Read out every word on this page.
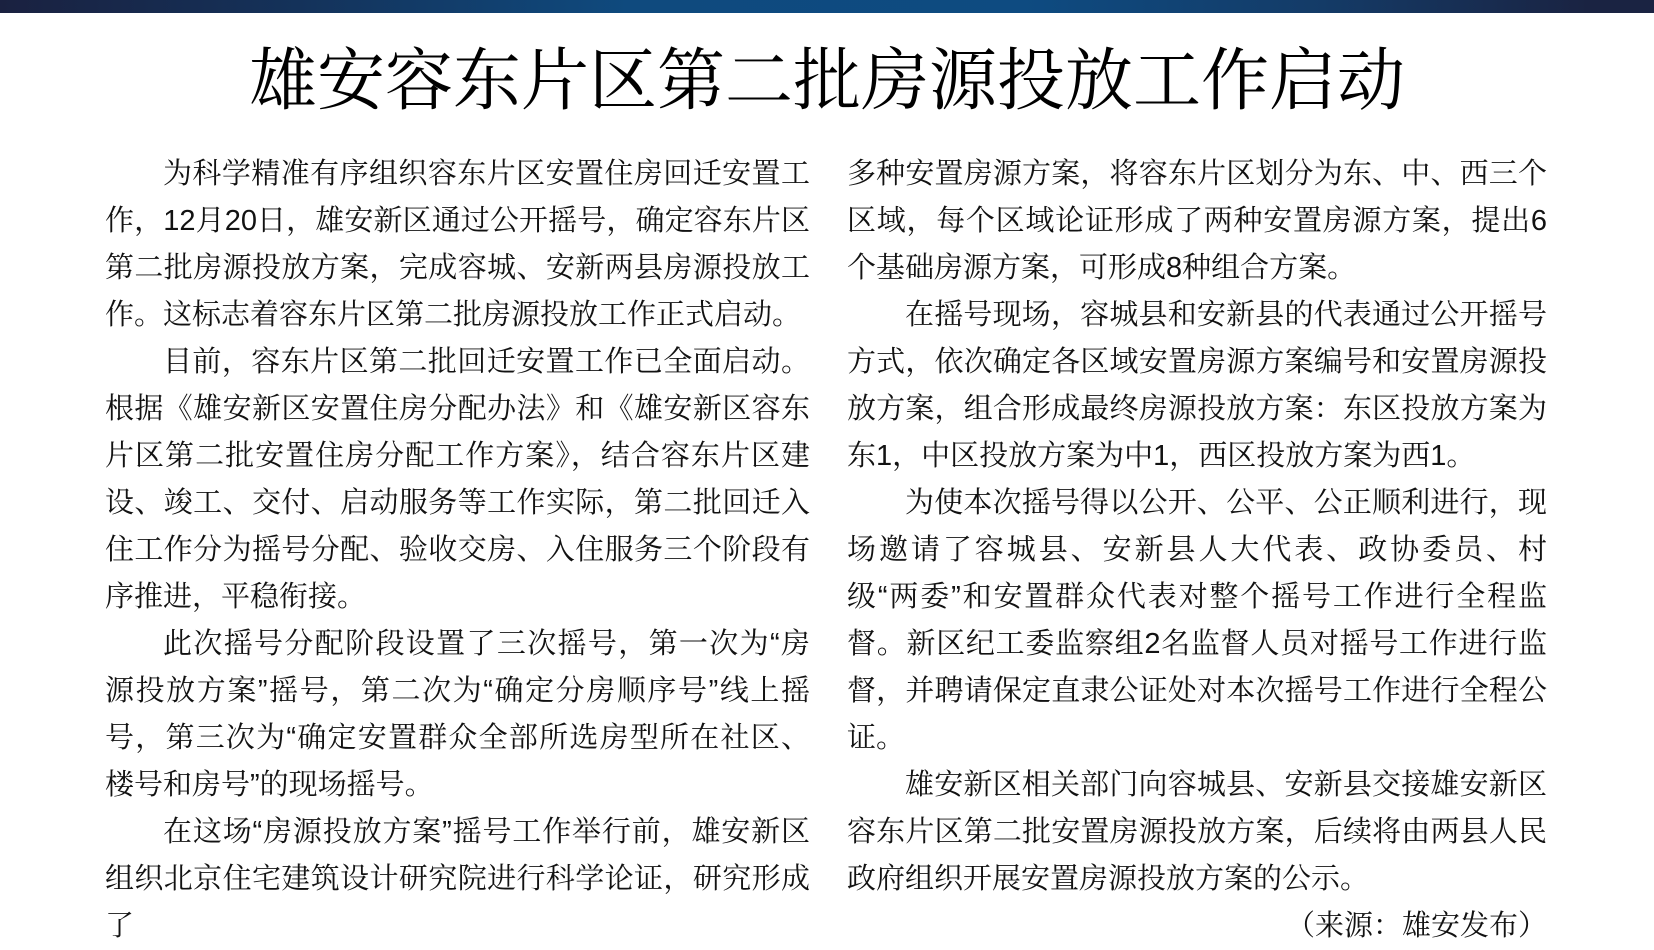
雄安容东片区第二批房源投放工作启动

为科学精准有序组织容东片区安置住房回迁安置工作，12月20日，雄安新区通过公开摇号，确定容东片区第二批房源投放方案，完成容城、安新两县房源投放工作。这标志着容东片区第二批房源投放工作正式启动。

目前，容东片区第二批回迁安置工作已全面启动。根据《雄安新区安置住房分配办法》和《雄安新区容东片区第二批安置住房分配工作方案》，结合容东片区建设、竣工、交付、启动服务等工作实际，第二批回迁入住工作分为摇号分配、验收交房、入住服务三个阶段有序推进，平稳衔接。

此次摇号分配阶段设置了三次摇号，第一次为“房源投放方案”摇号，第二次为“确定分房顺序号”线上摇号，第三次为“确定安置群众全部所选房型所在社区、楼号和房号”的现场摇号。

在这场“房源投放方案”摇号工作举行前，雄安新区组织北京住宅建筑设计研究院进行科学论证，研究形成了

多种安置房源方案，将容东片区划分为东、中、西三个区域，每个区域论证形成了两种安置房源方案，提出6个基础房源方案，可形成8种组合方案。

在摇号现场，容城县和安新县的代表通过公开摇号方式，依次确定各区域安置房源方案编号和安置房源投放方案，组合形成最终房源投放方案：东区投放方案为东1，中区投放方案为中1，西区投放方案为西1。

为使本次摇号得以公开、公平、公正顺利进行，现场邀请了容城县、安新县人大代表、政协委员、村级“两委”和安置群众代表对整个摇号工作进行全程监督。新区纪工委监察组2名监督人员对摇号工作进行监督，并聘请保定直隶公证处对本次摇号工作进行全程公证。

雄安新区相关部门向容城县、安新县交接雄安新区容东片区第二批安置房源投放方案，后续将由两县人民政府组织开展安置房源投放方案的公示。

（来源：雄安发布）
